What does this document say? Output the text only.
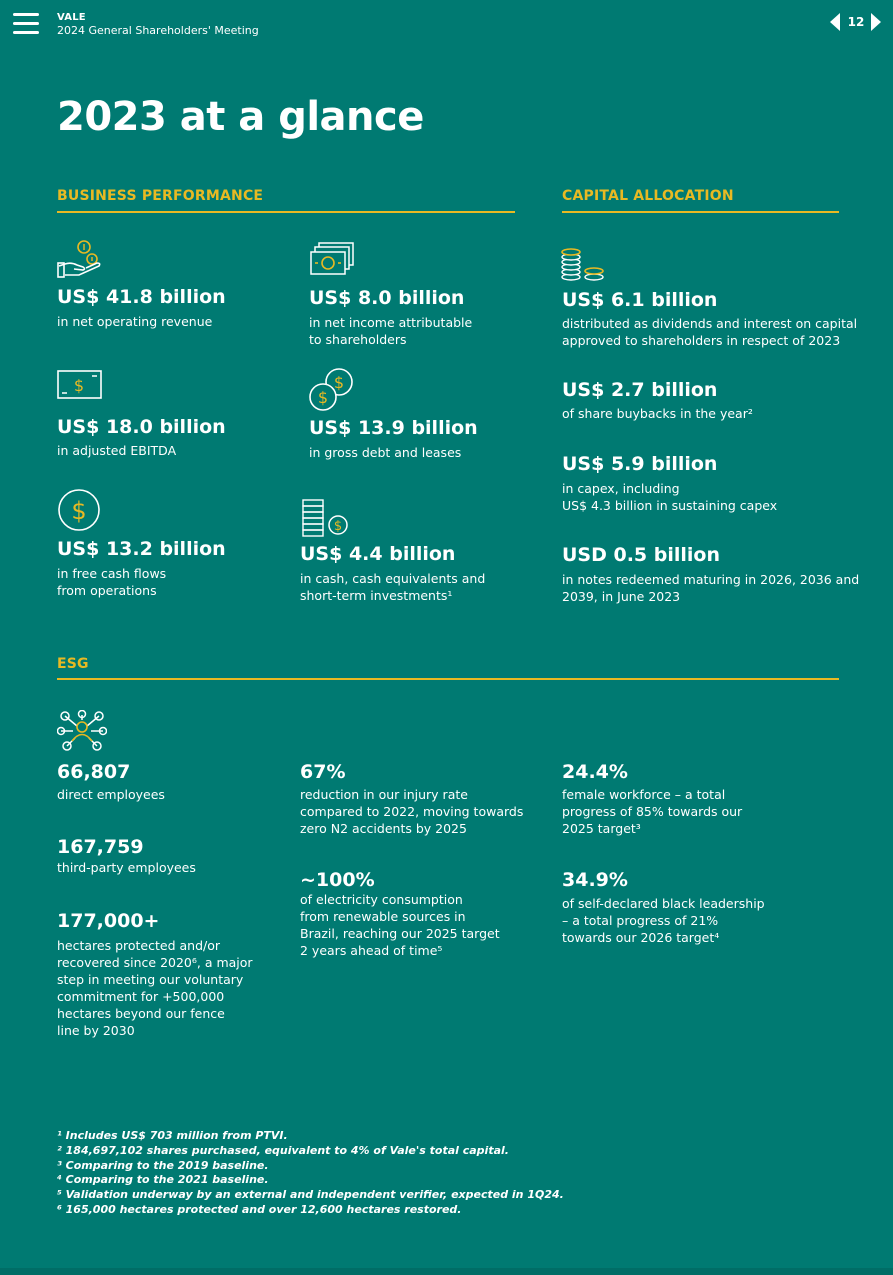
VALE
2024 General Shareholders' Meeting
12
2023 at a glance
BUSINESS PERFORMANCE	CAPITAL ALLOCATION
$	$
$
$
$
US$ 41.8 billion
in net operating revenue
US$ 8.0 billion
in net income attributable
to shareholders
US$ 18.0 billion
in adjusted EBITDA
US$ 13.9 billion
in gross debt and leases
US$ 13.2 billion
in free cash flows
from operations
US$ 4.4 billion
in cash, cash equivalents and
short-term investments¹
US$ 6.1 billion
distributed as dividends and interest on capital
approved to shareholders in respect of 2023
US$ 2.7 billion
of share buybacks in the year²
US$ 5.9 billion
in capex, including
US$ 4.3 billion in sustaining capex
USD 0.5 billion
in notes redeemed maturing in 2026, 2036 and
2039, in June 2023
ESG
66,807
direct employees
167,759
third-party employees
177,000+
hectares protected and/or
recovered since 2020⁶, a major
step in meeting our voluntary
commitment for +500,000
hectares beyond our fence
line by 2030
67%
reduction in our injury rate
compared to 2022, moving towards
zero N2 accidents by 2025
~100%
of electricity consumption
from renewable sources in
Brazil, reaching our 2025 target
2 years ahead of time⁵
24.4%
female workforce – a total
progress of 85% towards our
2025 target³
34.9%
of self-declared black leadership
– a total progress of 21%
towards our 2026 target⁴
¹ Includes US$ 703 million from PTVI.
² 184,697,102 shares purchased, equivalent to 4% of Vale's total capital.
³ Comparing to the 2019 baseline.
⁴ Comparing to the 2021 baseline.
⁵ Validation underway by an external and independent verifier, expected in 1Q24.
⁶ 165,000 hectares protected and over 12,600 hectares restored.
